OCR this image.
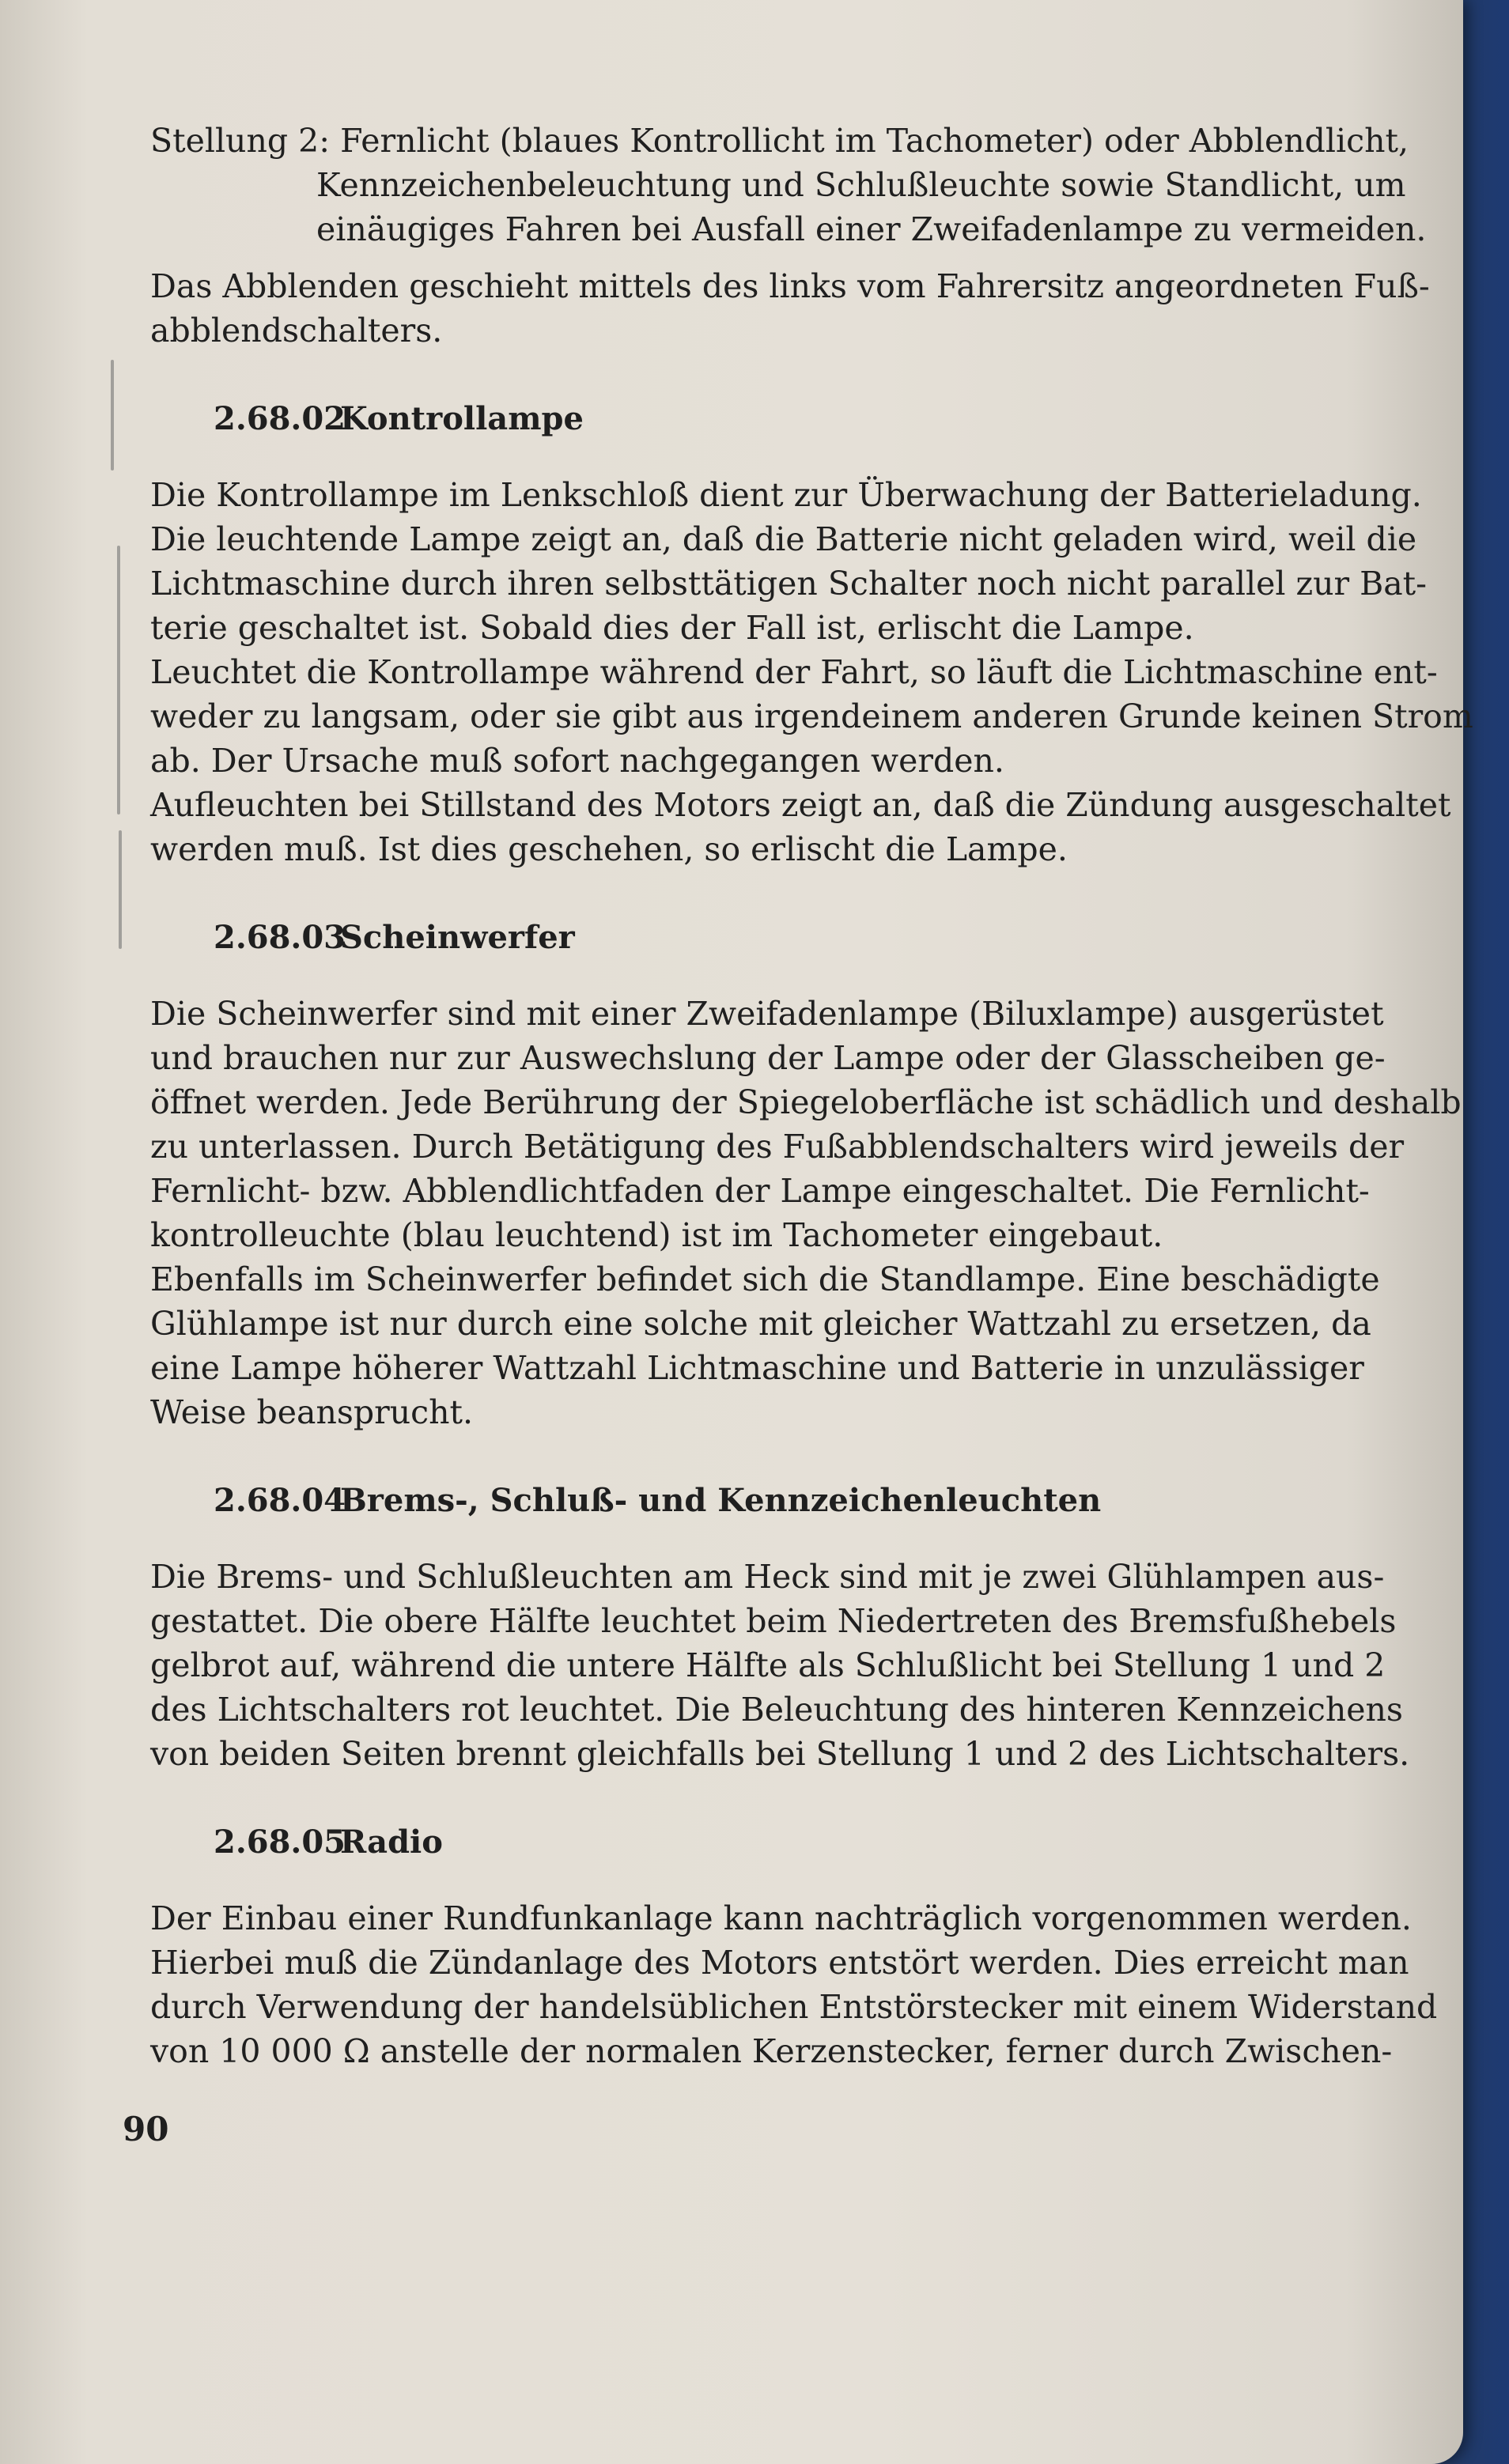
Stellung 2: Fernlicht (blaues Kontrollicht im Tachometer) oder Abblendlicht,
Kennzeichenbeleuchtung und Schlußleuchte sowie Standlicht, um
einäugiges Fahren bei Ausfall einer Zweifadenlampe zu vermeiden.
Das Abblenden geschieht mittels des links vom Fahrersitz angeordneten Fuß-
abblendschalters.
2.68.02Kontrollampe
Die Kontrollampe im Lenkschloß dient zur Überwachung der Batterieladung.
Die leuchtende Lampe zeigt an, daß die Batterie nicht geladen wird, weil die
Lichtmaschine durch ihren selbsttätigen Schalter noch nicht parallel zur Bat-
terie geschaltet ist. Sobald dies der Fall ist, erlischt die Lampe.
Leuchtet die Kontrollampe während der Fahrt, so läuft die Lichtmaschine ent-
weder zu langsam, oder sie gibt aus irgendeinem anderen Grunde keinen Strom
ab. Der Ursache muß sofort nachgegangen werden.
Aufleuchten bei Stillstand des Motors zeigt an, daß die Zündung ausgeschaltet
werden muß. Ist dies geschehen, so erlischt die Lampe.
2.68.03Scheinwerfer
Die Scheinwerfer sind mit einer Zweifadenlampe (Biluxlampe) ausgerüstet
und brauchen nur zur Auswechslung der Lampe oder der Glasscheiben ge-
öffnet werden. Jede Berührung der Spiegeloberfläche ist schädlich und deshalb
zu unterlassen. Durch Betätigung des Fußabblendschalters wird jeweils der
Fernlicht- bzw. Abblendlichtfaden der Lampe eingeschaltet. Die Fernlicht-
kontrolleuchte (blau leuchtend) ist im Tachometer eingebaut.
Ebenfalls im Scheinwerfer befindet sich die Standlampe. Eine beschädigte
Glühlampe ist nur durch eine solche mit gleicher Wattzahl zu ersetzen, da
eine Lampe höherer Wattzahl Lichtmaschine und Batterie in unzulässiger
Weise beansprucht.
2.68.04Brems-, Schluß- und Kennzeichenleuchten
Die Brems- und Schlußleuchten am Heck sind mit je zwei Glühlampen aus-
gestattet. Die obere Hälfte leuchtet beim Niedertreten des Bremsfußhebels
gelbrot auf, während die untere Hälfte als Schlußlicht bei Stellung 1 und 2
des Lichtschalters rot leuchtet. Die Beleuchtung des hinteren Kennzeichens
von beiden Seiten brennt gleichfalls bei Stellung 1 und 2 des Lichtschalters.
2.68.05Radio
Der Einbau einer Rundfunkanlage kann nachträglich vorgenommen werden.
Hierbei muß die Zündanlage des Motors entstört werden. Dies erreicht man
durch Verwendung der handelsüblichen Entstörstecker mit einem Widerstand
von 10 000 Ω anstelle der normalen Kerzenstecker, ferner durch Zwischen-
90
